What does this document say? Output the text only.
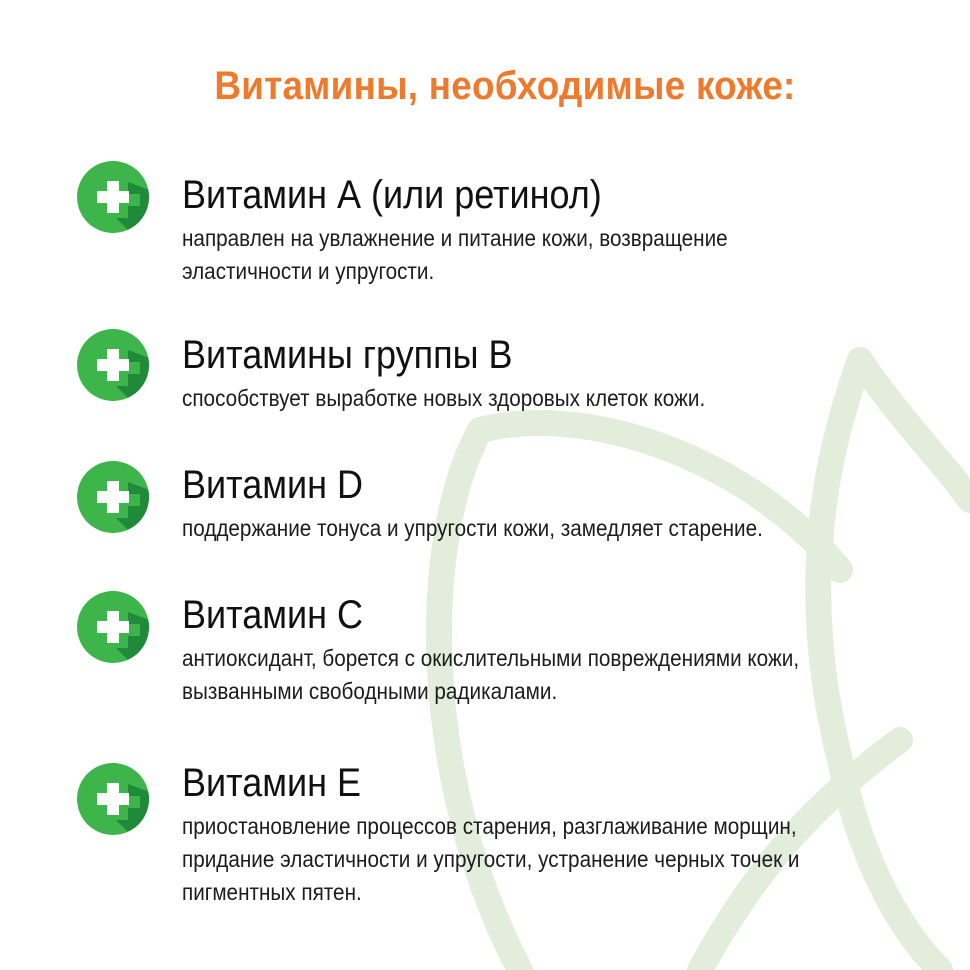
Витамины, необходимые коже:
Витамин А (или ретинол)
направлен на увлажнение и питание кожи, возвращение
эластичности и упругости.
Витамины группы В
способствует выработке новых здоровых клеток кожи.
Витамин D
поддержание тонуса и упругости кожи, замедляет старение.
Витамин С
антиоксидант, борется с окислительными повреждениями кожи,
вызванными свободными радикалами.
Витамин Е
приостановление процессов старения, разглаживание морщин,
придание эластичности и упругости, устранение черных точек и
пигментных пятен.
